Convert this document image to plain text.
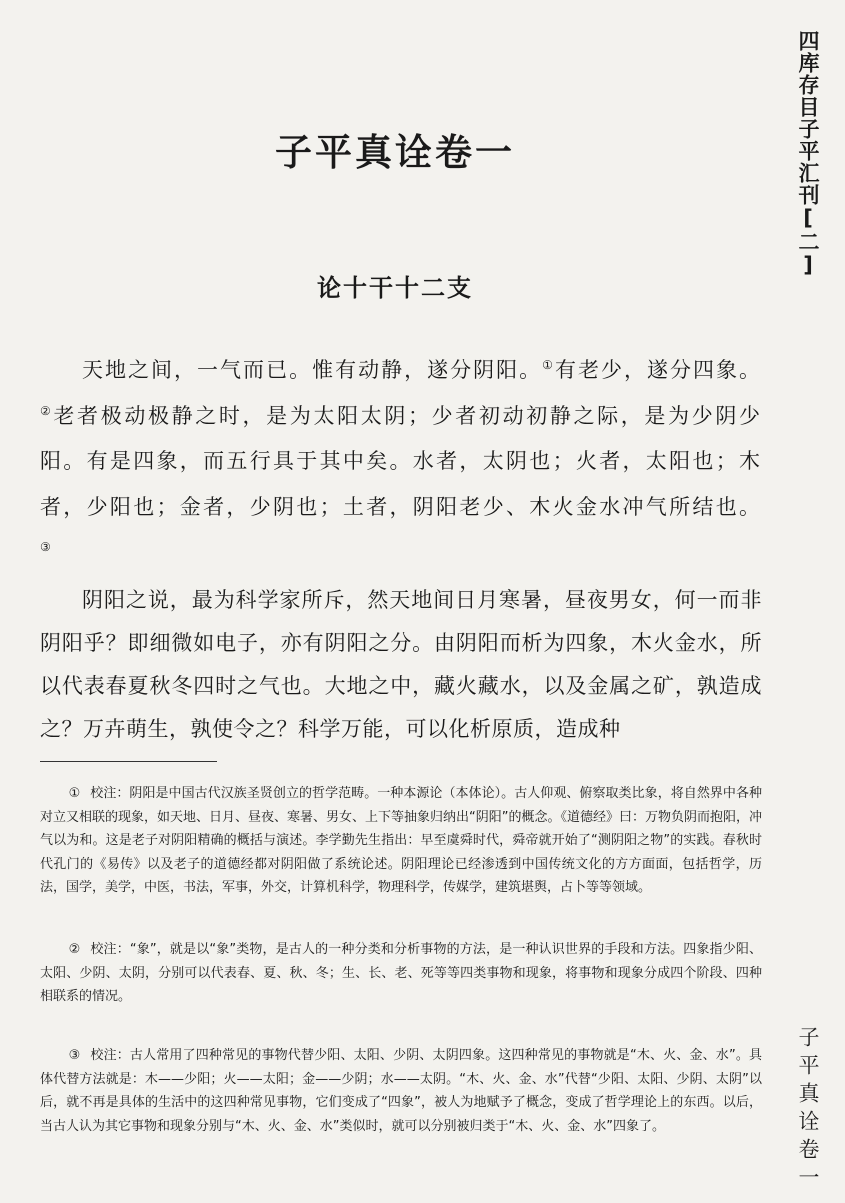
四库存目子平汇刊[二]
子平真诠卷一
论十干十二支

天地之间，一气而已。惟有动静，遂分阴阳。①有老少，遂分四象。②老者极动极静之时，是为太阳太阴；少者初动初静之际，是为少阴少阳。有是四象，而五行具于其中矣。水者，太阴也；火者，太阳也；木者，少阳也；金者，少阴也；土者，阴阳老少、木火金水冲气所结也。③

阴阳之说，最为科学家所斥，然天地间日月寒暑，昼夜男女，何一而非阴阳乎？即细微如电子，亦有阴阳之分。由阴阳而析为四象，木火金水，所以代表春夏秋冬四时之气也。大地之中，藏火藏水，以及金属之矿，孰造成之？万卉萌生，孰使令之？科学万能，可以化析原质，造成种

① 校注：阴阳是中国古代汉族圣贤创立的哲学范畴。一种本源论（本体论）。古人仰观、俯察取类比象，将自然界中各种对立又相联的现象，如天地、日月、昼夜、寒暑、男女、上下等抽象归纳出“阴阳”的概念。《道德经》曰：万物负阴而抱阳，冲气以为和。这是老子对阴阳精确的概括与演述。李学勤先生指出：早至虞舜时代，舜帝就开始了“测阴阳之物”的实践。春秋时代孔门的《易传》以及老子的道德经都对阴阳做了系统论述。阴阳理论已经渗透到中国传统文化的方方面面，包括哲学，历法，国学，美学，中医，书法，军事，外交，计算机科学，物理科学，传媒学，建筑堪舆，占卜等等领域。

② 校注：“象”，就是以“象”类物，是古人的一种分类和分析事物的方法，是一种认识世界的手段和方法。四象指少阳、太阳、少阴、太阴，分别可以代表春、夏、秋、冬；生、长、老、死等等四类事物和现象，将事物和现象分成四个阶段、四种相联系的情况。

③ 校注：古人常用了四种常见的事物代替少阳、太阳、少阴、太阴四象。这四种常见的事物就是“木、火、金、水”。具体代替方法就是：木——少阳；火——太阳；金——少阴；水——太阴。“木、火、金、水”代替“少阳、太阳、少阴、太阴”以后，就不再是具体的生活中的这四种常见事物，它们变成了“四象”，被人为地赋予了概念，变成了哲学理论上的东西。以后，当古人认为其它事物和现象分别与“木、火、金、水”类似时，就可以分别被归类于“木、火、金、水”四象了。	子平真诠卷一
